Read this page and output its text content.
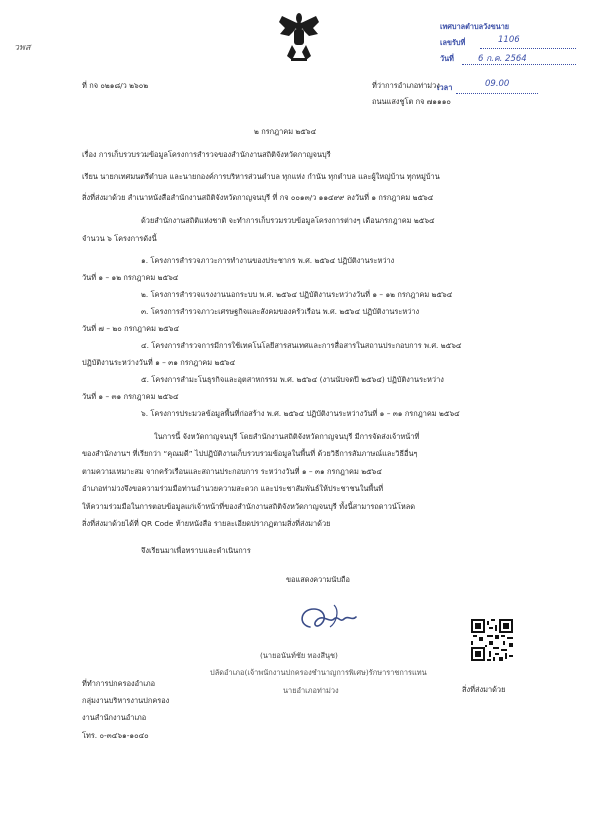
วพส
เทศบาลตำบลวังขนาย
เลขรับที่	1106
วันที่	6 ก.ค. 2564
เวลา	09.00
ที่ กจ ๐๒๑๘/ว ๒๖๐๒	ที่ว่าการอำเภอท่าม่วง
ถนนแสงชูโต กจ ๗๑๑๑๐
๒ กรกฎาคม ๒๕๖๔
เรื่อง การเก็บรวบรวมข้อมูลโครงการสำรวจของสำนักงานสถิติจังหวัดกาญจนบุรี
เรียน นายกเทศมนตรีตำบล และนายกองค์การบริหารส่วนตำบล ทุกแห่ง กำนัน ทุกตำบล และผู้ใหญ่บ้าน ทุกหมู่บ้าน
สิ่งที่ส่งมาด้วย สำเนาหนังสือสำนักงานสถิติจังหวัดกาญจนบุรี ที่ กจ ๐๐๑๓/ว ๑๑๔๙๙ ลงวันที่ ๑ กรกฎาคม ๒๕๖๔
ด้วยสำนักงานสถิติแห่งชาติ จะทำการเก็บรวมรวบข้อมูลโครงการต่างๆ เดือนกรกฎาคม ๒๕๖๔
จำนวน ๖ โครงการดังนี้
๑. โครงการสำรวจภาวะการทำงานของประชากร พ.ศ. ๒๕๖๔ ปฏิบัติงานระหว่าง
วันที่ ๑ – ๑๒ กรกฎาคม ๒๕๖๔
๒. โครงการสำรวจแรงงานนอกระบบ พ.ศ. ๒๕๖๔ ปฏิบัติงานระหว่างวันที่ ๑ – ๑๒ กรกฎาคม ๒๕๖๔
๓. โครงการสำรวจภาวะเศรษฐกิจและสังคมของครัวเรือน พ.ศ. ๒๕๖๔ ปฏิบัติงานระหว่าง
วันที่ ๗ – ๒๐ กรกฎาคม ๒๕๖๔
๔. โครงการสำรวจการมีการใช้เทคโนโลยีสารสนเทศและการสื่อสารในสถานประกอบการ พ.ศ. ๒๕๖๔
ปฏิบัติงานระหว่างวันที่ ๑ – ๓๑ กรกฎาคม ๒๕๖๔
๕. โครงการสำมะโนธุรกิจและอุตสาหกรรม พ.ศ. ๒๕๖๔ (งานนับจดปี ๒๕๖๔) ปฏิบัติงานระหว่าง
วันที่ ๑ – ๓๑ กรกฎาคม ๒๕๖๔
๖. โครงการประมวลข้อมูลพื้นที่ก่อสร้าง พ.ศ. ๒๕๖๔ ปฏิบัติงานระหว่างวันที่ ๑ – ๓๑ กรกฎาคม ๒๕๖๔
ในการนี้ จังหวัดกาญจนบุรี โดยสำนักงานสถิติจังหวัดกาญจนบุรี มีการจัดส่งเจ้าหน้าที่
ของสำนักงานฯ ที่เรียกว่า “คุณมดี” ไปปฏิบัติงานเก็บรวบรวมข้อมูลในพื้นที่ ด้วยวิธีการสัมภาษณ์และวิธีอื่นๆ
ตามความเหมาะสม จากครัวเรือนและสถานประกอบการ ระหว่างวันที่ ๑ – ๓๑ กรกฎาคม ๒๕๖๔
อำเภอท่าม่วงจึงขอความร่วมมือท่านอำนวยความสะดวก และประชาสัมพันธ์ให้ประชาชนในพื้นที่
ให้ความร่วมมือในการตอบข้อมูลแก่เจ้าหน้าที่ของสำนักงานสถิติจังหวัดกาญจนบุรี ทั้งนี้สามารถดาวน์โหลด
สิ่งที่ส่งมาด้วยได้ที่ QR Code ท้ายหนังสือ รายละเอียดปรากฏตามสิ่งที่ส่งมาด้วย
จึงเรียนมาเพื่อทราบและดำเนินการ
ขอแสดงความนับถือ
(นายอนันท์ชัย ทองสีนุช)
ปลัดอำเภอ(เจ้าพนักงานปกครองชำนาญการพิเศษ)รักษาราชการแทน
นายอำเภอท่าม่วง	สิ่งที่ส่งมาด้วย
ที่ทำการปกครองอำเภอ
กลุ่มงานบริหารงานปกครอง
งานสำนักงานอำเภอ
โทร. ๐-๓๔๖๑-๑๐๔๐
